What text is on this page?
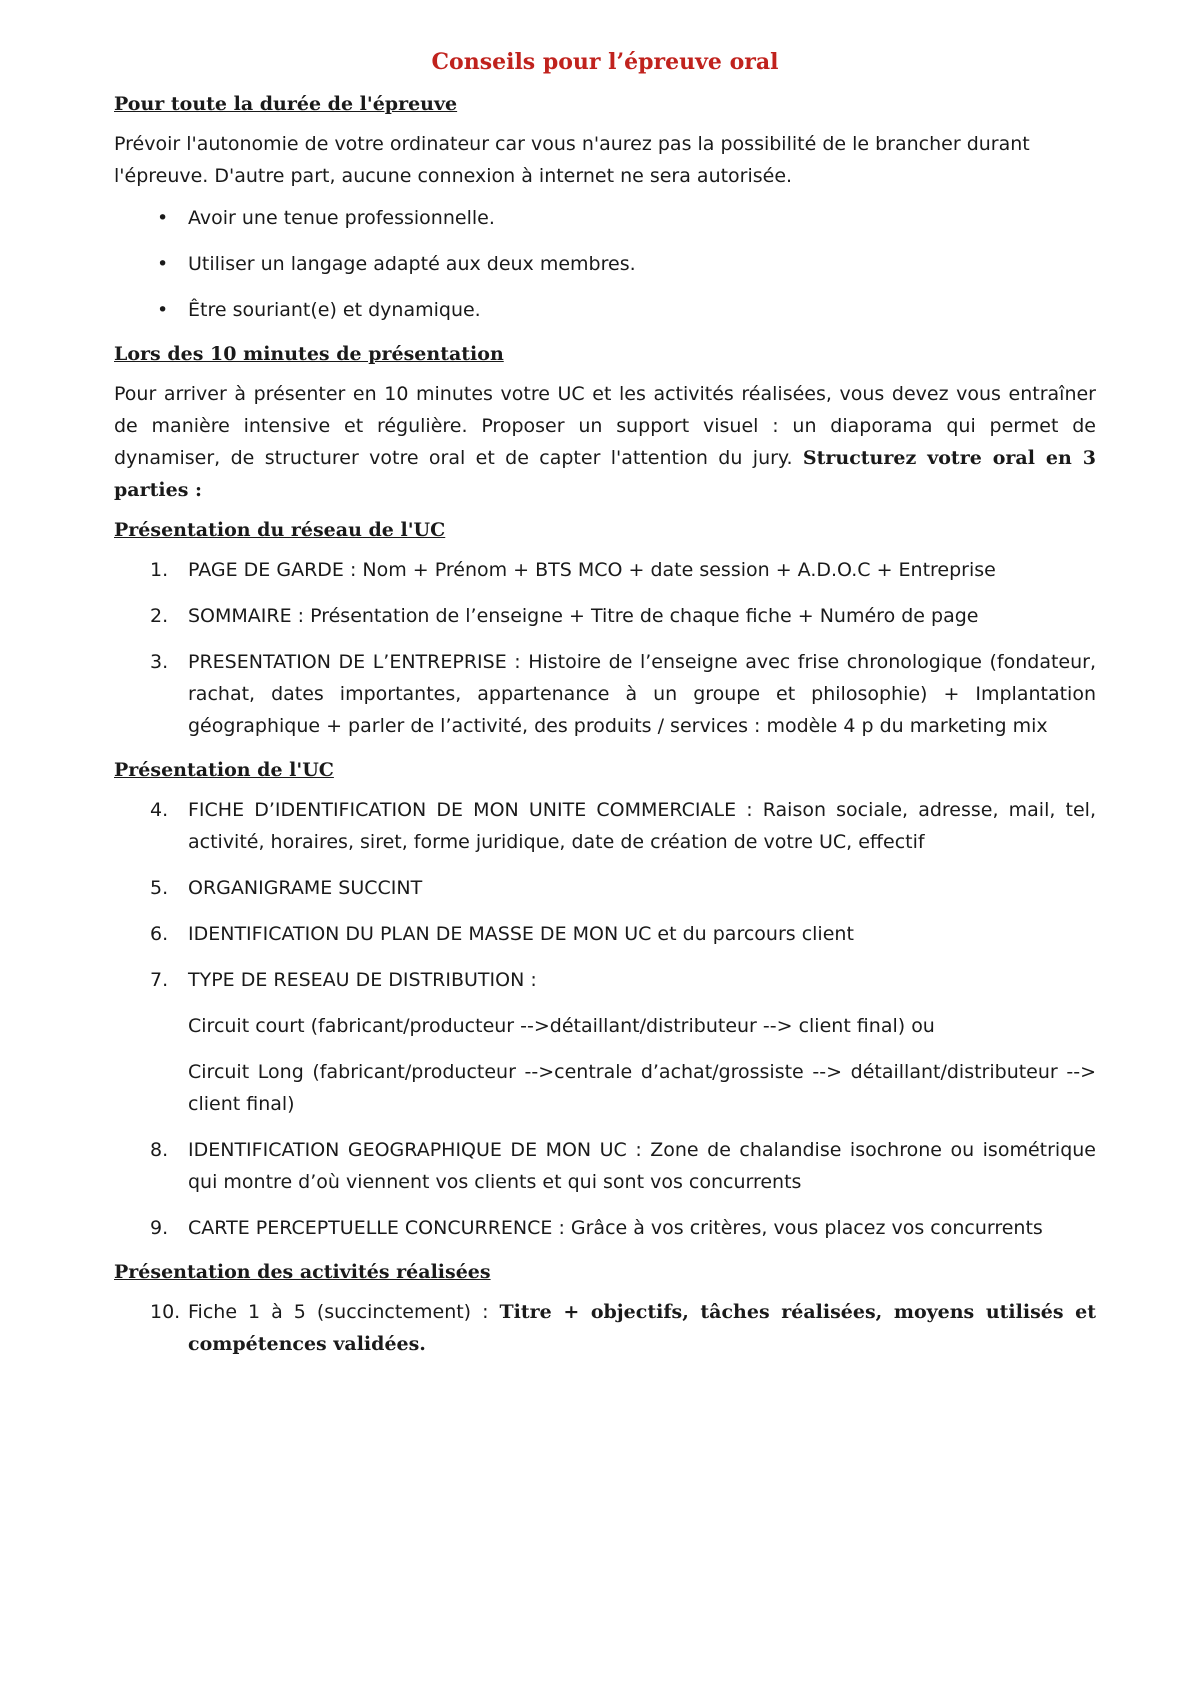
Conseils pour l’épreuve oral
Pour toute la durée de l'épreuve

Prévoir l'autonomie de votre ordinateur car vous n'aurez pas la possibilité de le brancher durant l'épreuve. D'autre part, aucune connexion à internet ne sera autorisée.

• Avoir une tenue professionnelle.
• Utiliser un langage adapté aux deux membres.
• Être souriant(e) et dynamique.
Lors des 10 minutes de présentation

Pour arriver à présenter en 10 minutes votre UC et les activités réalisées, vous devez vous entraîner de manière intensive et régulière. Proposer un support visuel : un diaporama qui permet de dynamiser, de structurer votre oral et de capter l'attention du jury. Structurez votre oral en 3 parties :

Présentation du réseau de l'UC
1. PAGE DE GARDE : Nom + Prénom + BTS MCO + date session + A.D.O.C + Entreprise
2. SOMMAIRE : Présentation de l’enseigne + Titre de chaque fiche + Numéro de page
3. PRESENTATION DE L’ENTREPRISE : Histoire de l’enseigne avec frise chronologique (fondateur, rachat, dates importantes, appartenance à un groupe et philosophie) + Implantation géographique + parler de l’activité, des produits / services : modèle 4 p du marketing mix
Présentation de l'UC
4. FICHE D’IDENTIFICATION DE MON UNITE COMMERCIALE : Raison sociale, adresse, mail, tel, activité, horaires, siret, forme juridique, date de création de votre UC, effectif
5. ORGANIGRAME SUCCINT
6. IDENTIFICATION DU PLAN DE MASSE DE MON UC et du parcours client
7. TYPE DE RESEAU DE DISTRIBUTION :

Circuit court (fabricant/producteur -->détaillant/distributeur --> client final) ou

Circuit Long (fabricant/producteur -->centrale d’achat/grossiste --> détaillant/distributeur --> client final)

8. IDENTIFICATION GEOGRAPHIQUE DE MON UC : Zone de chalandise isochrone ou isométrique qui montre d’où viennent vos clients et qui sont vos concurrents
9. CARTE PERCEPTUELLE CONCURRENCE : Grâce à vos critères, vous placez vos concurrents
Présentation des activités réalisées
10. Fiche 1 à 5 (succinctement) : Titre + objectifs, tâches réalisées, moyens utilisés et compétences validées.
